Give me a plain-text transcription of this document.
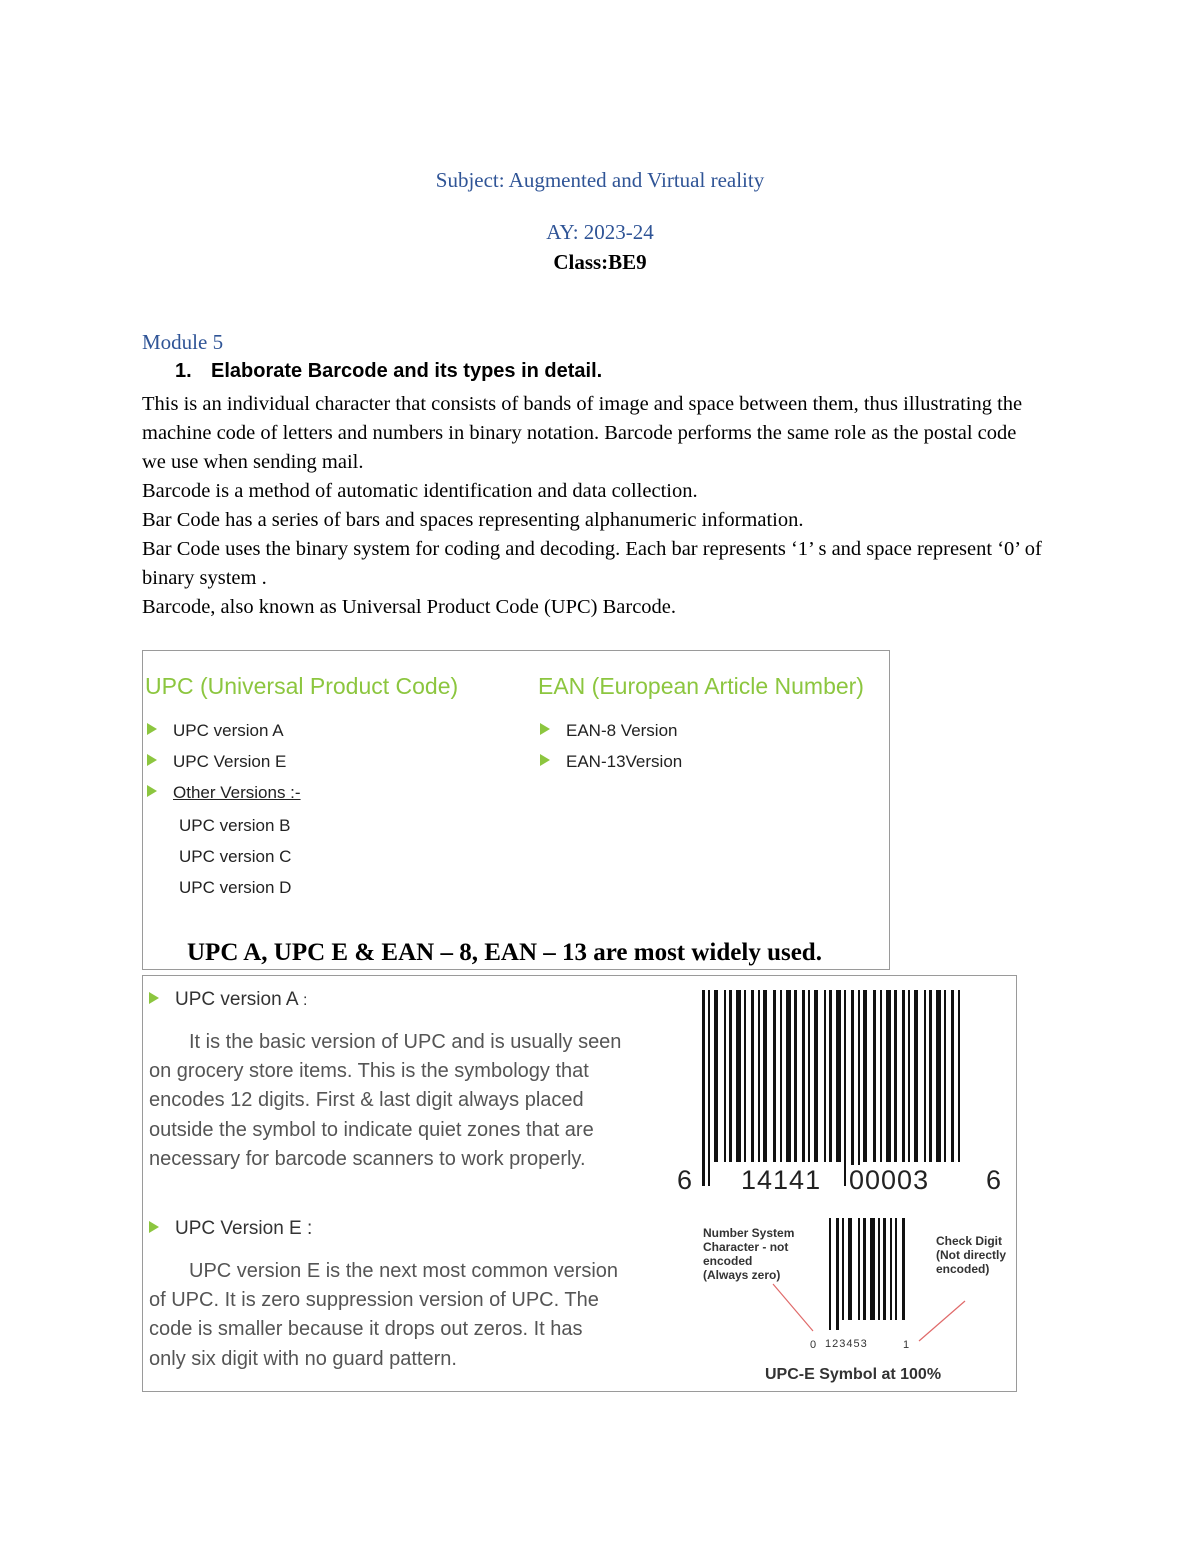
Subject: Augmented and Virtual reality
AY: 2023-24
Class:BE9
Module 5
1. Elaborate Barcode and its types in detail.
This is an individual character that consists of bands of image and space between them, thus illustrating the machine code of letters and numbers in binary notation. Barcode performs the same role as the postal code we use when sending mail.
Barcode is a method of automatic identification and data collection.
Bar Code has a series of bars and spaces representing alphanumeric information.
Bar Code uses the binary system for coding and decoding. Each bar represents ‘1’ s and space represent ‘0’ of binary system .
Barcode, also known as Universal Product Code (UPC) Barcode.
UPC (Universal Product Code)
UPC version A
UPC Version E
Other Versions :-
UPC version B
UPC version C
UPC version D
EAN (European Article Number)
EAN-8 Version
EAN-13Version
UPC A, UPC E & EAN – 8, EAN – 13 are most widely used.
UPC version A :
It is the basic version of UPC and is usually seen on grocery store items. This is the symbology that encodes 12 digits. First & last digit always placed outside the symbol to indicate quiet zones that are necessary for barcode scanners to work properly.
UPC Version E :
UPC version E is the next most common version of UPC. It is zero suppression version of UPC. The code is smaller because it drops out zeros. It has only six digit with no guard pattern.
6 14141 00003 6
Number System
Character - not
encoded
(Always zero)
Check Digit
(Not directly
encoded)
0 123453	1
UPC-E Symbol at 100%
